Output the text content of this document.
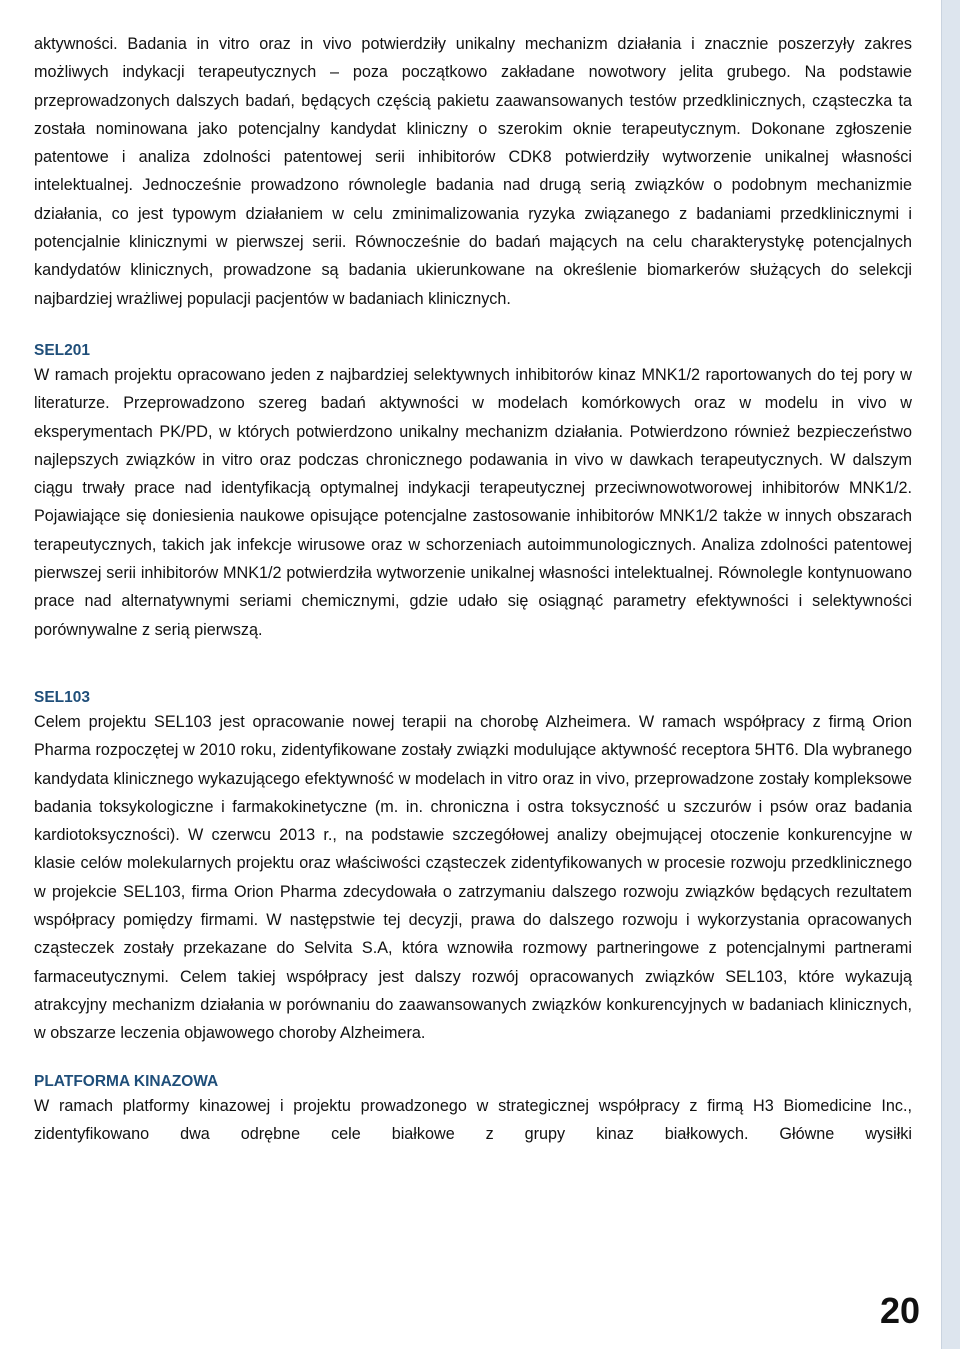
aktywności. Badania in vitro oraz in vivo potwierdziły unikalny mechanizm działania i znacznie poszerzyły zakres możliwych indykacji terapeutycznych – poza początkowo zakładane nowotwory jelita grubego. Na podstawie przeprowadzonych dalszych badań, będących częścią pakietu zaawansowanych testów przedklinicznych, cząsteczka ta została nominowana jako potencjalny kandydat kliniczny o szerokim oknie terapeutycznym. Dokonane zgłoszenie patentowe i analiza zdolności patentowej serii inhibitorów CDK8 potwierdziły wytworzenie unikalnej własności intelektualnej. Jednocześnie prowadzono równolegle badania nad drugą serią związków o podobnym mechanizmie działania, co jest typowym działaniem w celu zminimalizowania ryzyka związanego z badaniami przedklinicznymi i potencjalnie klinicznymi w pierwszej serii. Równocześnie do badań mających na celu charakterystykę potencjalnych kandydatów klinicznych, prowadzone są badania ukierunkowane na określenie biomarkerów służących do selekcji najbardziej wrażliwej populacji pacjentów w badaniach klinicznych.

SEL201

W ramach projektu opracowano jeden z najbardziej selektywnych inhibitorów kinaz MNK1/2 raportowanych do tej pory w literaturze. Przeprowadzono szereg badań aktywności w modelach komórkowych oraz w modelu in vivo w eksperymentach PK/PD, w których potwierdzono unikalny mechanizm działania. Potwierdzono również bezpieczeństwo najlepszych związków in vitro oraz podczas chronicznego podawania in vivo w dawkach terapeutycznych. W dalszym ciągu trwały prace nad identyfikacją optymalnej indykacji terapeutycznej przeciwnowotworowej inhibitorów MNK1/2. Pojawiające się doniesienia naukowe opisujące potencjalne zastosowanie inhibitorów MNK1/2 także w innych obszarach terapeutycznych, takich jak infekcje wirusowe oraz w schorzeniach autoimmunologicznych. Analiza zdolności patentowej pierwszej serii inhibitorów MNK1/2 potwierdziła wytworzenie unikalnej własności intelektualnej. Równolegle kontynuowano prace nad alternatywnymi seriami chemicznymi, gdzie udało się osiągnąć parametry efektywności i selektywności porównywalne z serią pierwszą.

SEL103

Celem projektu SEL103 jest opracowanie nowej terapii na chorobę Alzheimera. W ramach współpracy z firmą Orion Pharma rozpoczętej w 2010 roku, zidentyfikowane zostały związki modulujące aktywność receptora 5HT6. Dla wybranego kandydata klinicznego wykazującego efektywność w modelach in vitro oraz in vivo, przeprowadzone zostały kompleksowe badania toksykologiczne i farmakokinetyczne (m. in. chroniczna i ostra toksyczność u szczurów i psów oraz badania kardiotoksyczności). W czerwcu 2013 r., na podstawie szczegółowej analizy obejmującej otoczenie konkurencyjne w klasie celów molekularnych projektu oraz właściwości cząsteczek zidentyfikowanych w procesie rozwoju przedklinicznego w projekcie SEL103, firma Orion Pharma zdecydowała o zatrzymaniu dalszego rozwoju związków będących rezultatem współpracy pomiędzy firmami. W następstwie tej decyzji, prawa do dalszego rozwoju i wykorzystania opracowanych cząsteczek zostały przekazane do Selvita S.A, która wznowiła rozmowy partneringowe z potencjalnymi partnerami farmaceutycznymi. Celem takiej współpracy jest dalszy rozwój opracowanych związków SEL103, które wykazują atrakcyjny mechanizm działania w porównaniu do zaawansowanych związków konkurencyjnych w badaniach klinicznych, w obszarze leczenia objawowego choroby Alzheimera.

PLATFORMA KINAZOWA

W ramach platformy kinazowej i projektu prowadzonego w strategicznej współpracy z firmą H3 Biomedicine Inc., zidentyfikowano dwa odrębne cele białkowe z grupy kinaz białkowych. Główne wysiłki

20
